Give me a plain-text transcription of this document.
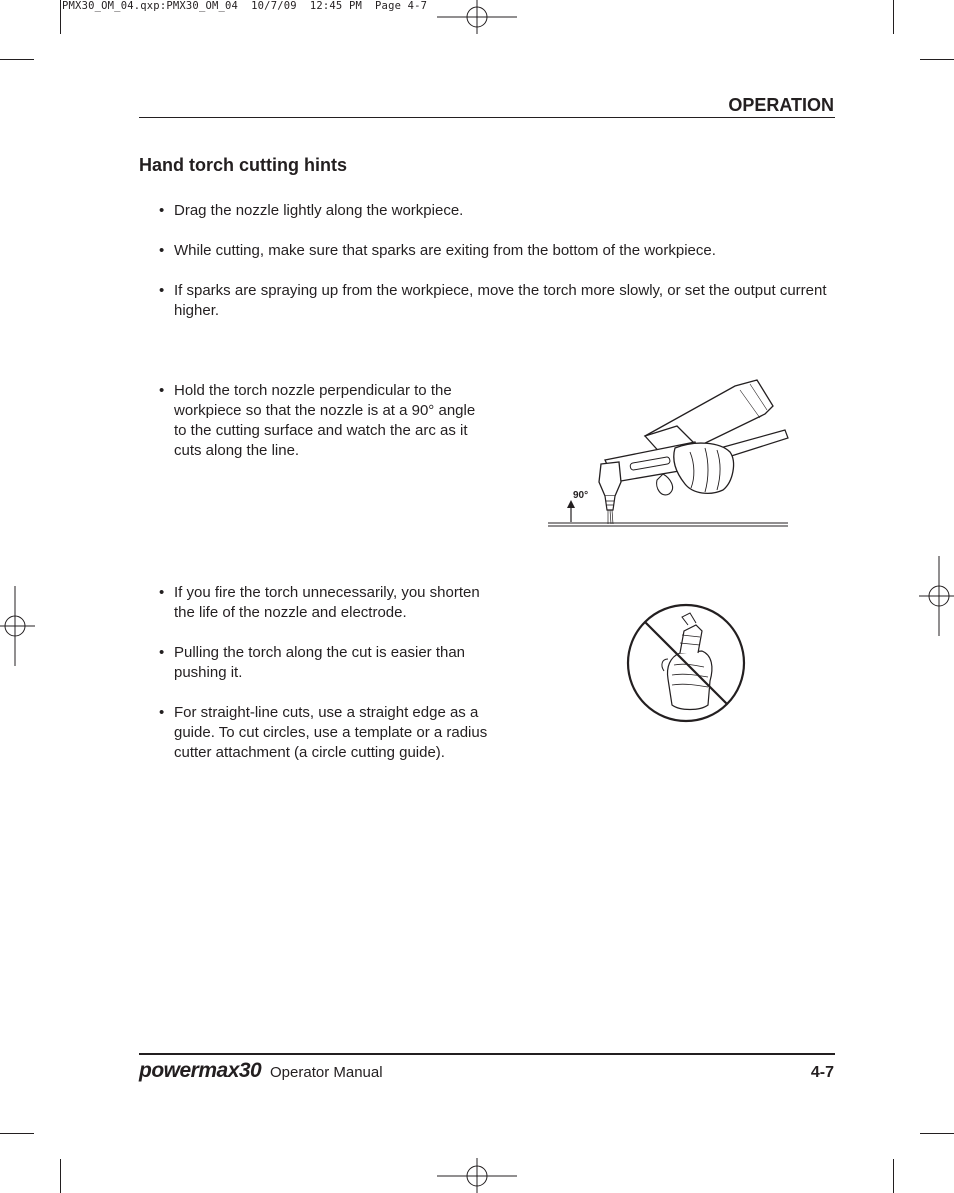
PMX30_OM_04.qxp:PMX30_OM_04  10/7/09  12:45 PM  Page 4-7
OPERATION
Hand torch cutting hints
• Drag the nozzle lightly along the workpiece.
• While cutting, make sure that sparks are exiting from the bottom of the workpiece.
• If sparks are spraying up from the workpiece, move the torch more slowly, or set the output current higher.
• Hold the torch nozzle perpendicular to the workpiece so that the nozzle is at a 90° angle to the cutting surface and watch the arc as it cuts along the line.
90°
• If you fire the torch unnecessarily, you shorten the life of the nozzle and electrode.
• Pulling the torch along the cut is easier than pushing it.
• For straight-line cuts, use a straight edge as a guide. To cut circles, use a template or a radius cutter attachment (a circle cutting guide).
powermax30 Operator Manual	4-7
